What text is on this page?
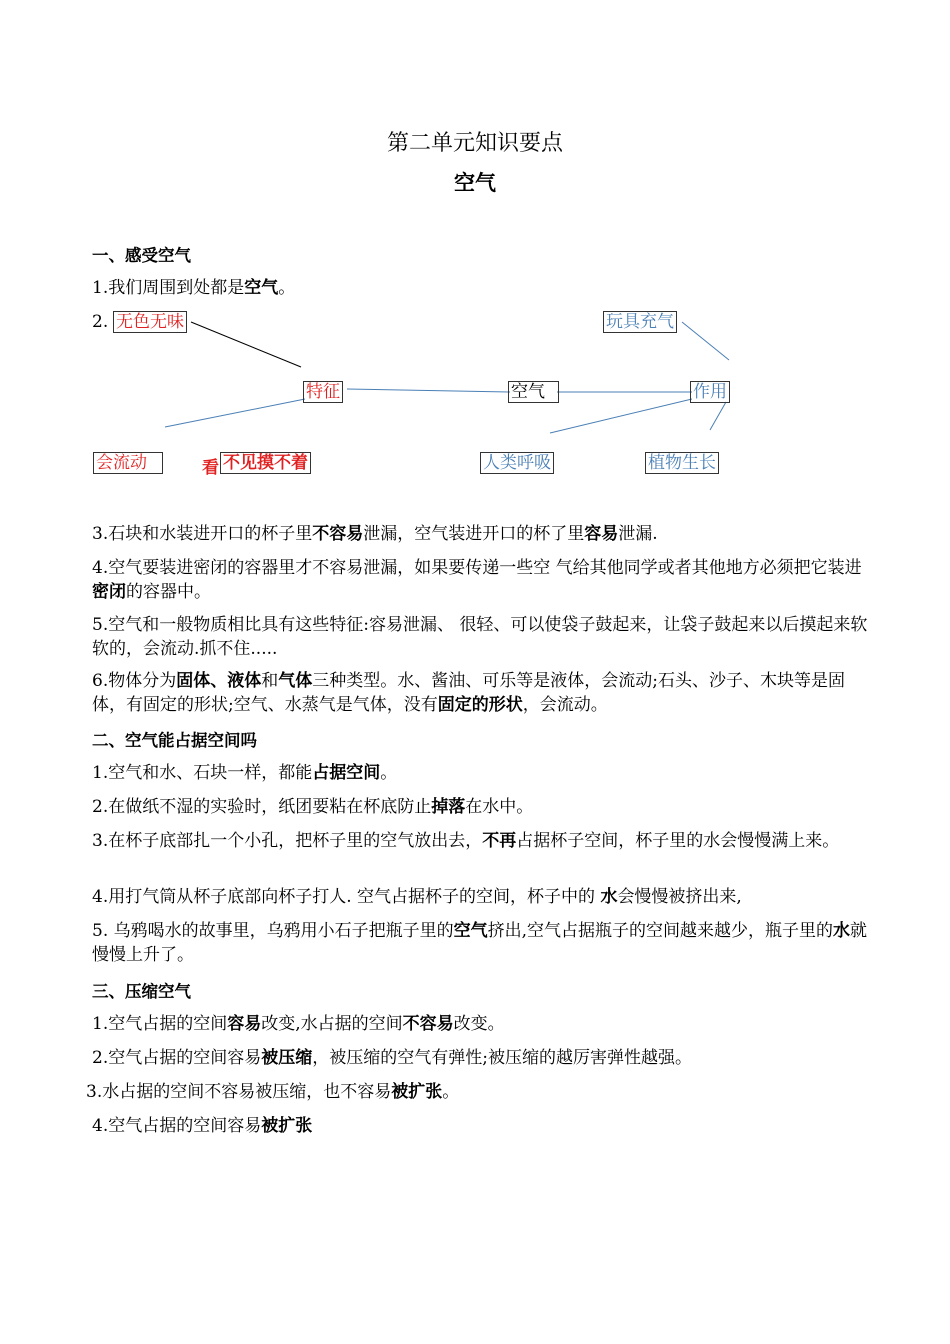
第二单元知识要点
空气
一、感受空气
1.我们周围到处都是空气。
2. 无色无味	玩具充气
特征	空气	作用
会流动	看 不见摸不着	人类呼吸	植物生长
3.石块和水装进开口的杯子里不容易泄漏，空气装进开口的杯了里容易泄漏.
4.空气要装进密闭的容器里才不容易泄漏，如果要传递一些空 气给其他同学或者其他地方必须把它装进密闭的容器中。
5.空气和一般物质相比具有这些特征:容易泄漏、 很轻、可以使袋子鼓起来，让袋子鼓起来以后摸起来软软的，会流动.抓不住.....
6.物体分为固体、液体和气体三种类型。水、酱油、可乐等是液体，会流动;石头、沙子、木块等是固体，有固定的形状;空气、水蒸气是气体，没有固定的形状，会流动。
二、空气能占据空间吗
1.空气和水、石块一样，都能占据空间。
2.在做纸不湿的实验时，纸团要粘在杯底防止掉落在水中。
3.在杯子底部扎一个小孔，把杯子里的空气放出去，不再占据杯子空间，杯子里的水会慢慢满上来。
4.用打气筒从杯子底部向杯子打人. 空气占据杯子的空间，杯子中的 水会慢慢被挤出来,
5. 乌鸦喝水的故事里，乌鸦用小石子把瓶子里的空气挤出,空气占据瓶子的空间越来越少，瓶子里的水就慢慢上升了。
三、压缩空气
1.空气占据的空间容易改变,水占据的空间不容易改变。
2.空气占据的空间容易被压缩，被压缩的空气有弹性;被压缩的越厉害弹性越强。
3.水占据的空间不容易被压缩，也不容易被扩张。
4.空气占据的空间容易被扩张
